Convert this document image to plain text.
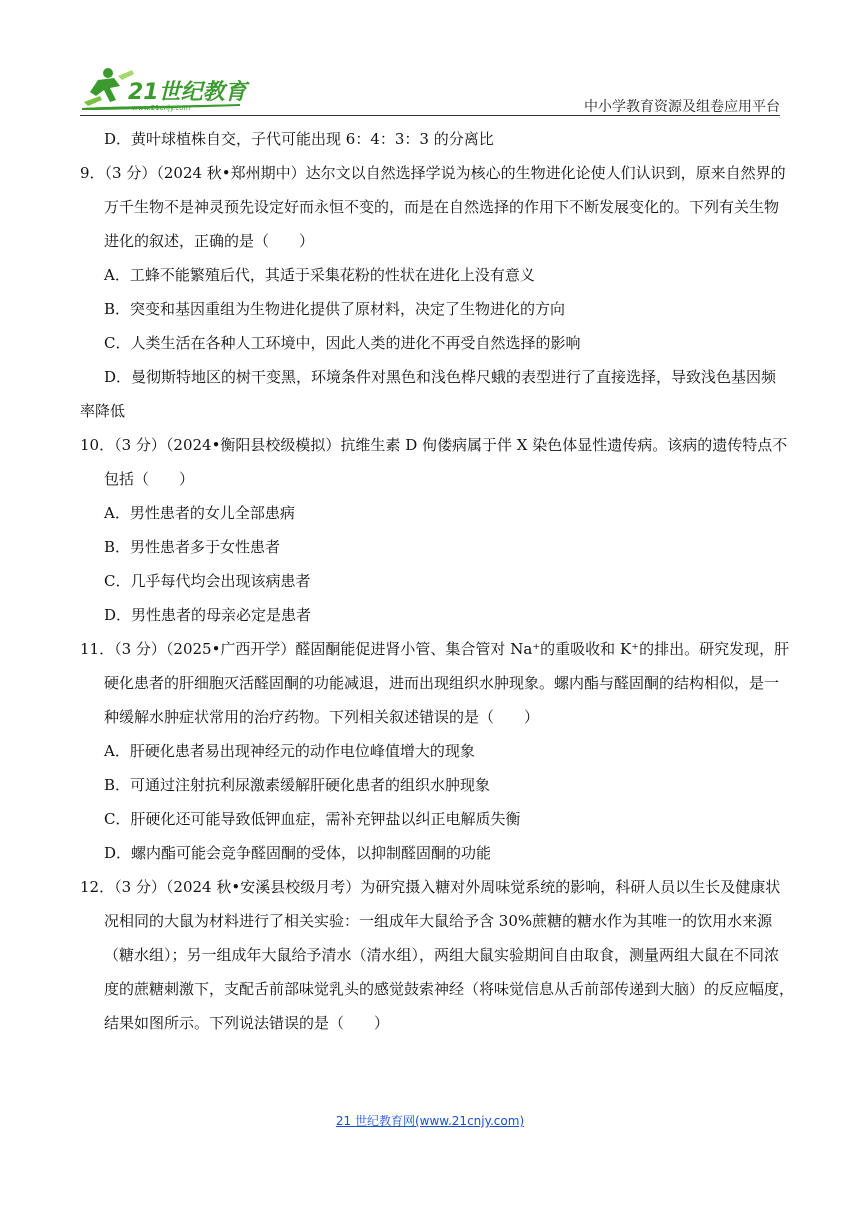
21世纪教育
www.21cnjy.com	中小学教育资源及组卷应用平台
D．黄叶球植株自交，子代可能出现 6：4：3：3 的分离比
9．（3 分）（2024 秋•郑州期中）达尔文以自然选择学说为核心的生物进化论使人们认识到，原来自然界的
万千生物不是神灵预先设定好而永恒不变的，而是在自然选择的作用下不断发展变化的。下列有关生物
进化的叙述，正确的是（　　）
A．工蜂不能繁殖后代，其适于采集花粉的性状在进化上没有意义
B．突变和基因重组为生物进化提供了原材料，决定了生物进化的方向
C．人类生活在各种人工环境中，因此人类的进化不再受自然选择的影响
D．曼彻斯特地区的树干变黑，环境条件对黑色和浅色桦尺蛾的表型进行了直接选择，导致浅色基因频
率降低
10．（3 分）（2024•衡阳县校级模拟）抗维生素 D 佝偻病属于伴 X 染色体显性遗传病。该病的遗传特点不
包括（　　）
A．男性患者的女儿全部患病
B．男性患者多于女性患者
C．几乎每代均会出现该病患者
D．男性患者的母亲必定是患者
11．（3 分）（2025•广西开学）醛固酮能促进肾小管、集合管对 Na⁺的重吸收和 K⁺的排出。研究发现，肝
硬化患者的肝细胞灭活醛固酮的功能减退，进而出现组织水肿现象。螺内酯与醛固酮的结构相似，是一
种缓解水肿症状常用的治疗药物。下列相关叙述错误的是（　　）
A．肝硬化患者易出现神经元的动作电位峰值增大的现象
B．可通过注射抗利尿激素缓解肝硬化患者的组织水肿现象
C．肝硬化还可能导致低钾血症，需补充钾盐以纠正电解质失衡
D．螺内酯可能会竞争醛固酮的受体，以抑制醛固酮的功能
12．（3 分）（2024 秋•安溪县校级月考）为研究摄入糖对外周味觉系统的影响，科研人员以生长及健康状
况相同的大鼠为材料进行了相关实验：一组成年大鼠给予含 30%蔗糖的糖水作为其唯一的饮用水来源
（糖水组）；另一组成年大鼠给予清水（清水组），两组大鼠实验期间自由取食，测量两组大鼠在不同浓
度的蔗糖刺激下，支配舌前部味觉乳头的感觉鼓索神经（将味觉信息从舌前部传递到大脑）的反应幅度，
结果如图所示。下列说法错误的是（　　）
21 世纪教育网(www.21cnjy.com)
